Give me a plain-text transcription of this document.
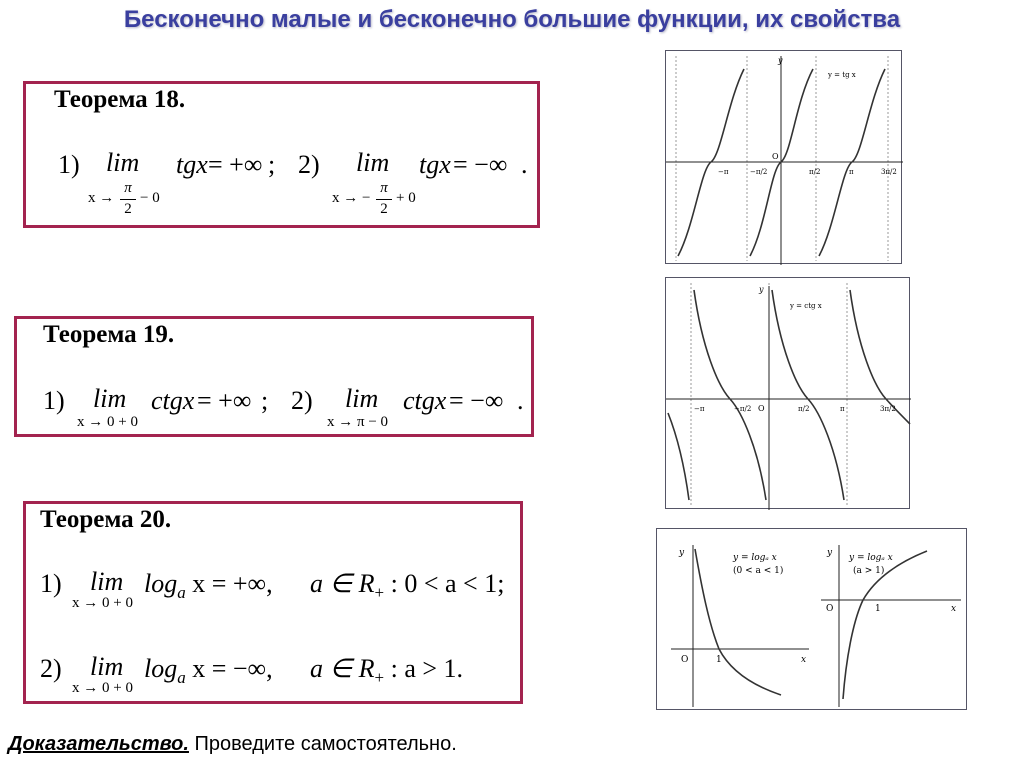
Бесконечно малые и бесконечно большие функции, их свойства
Теорема 18.
1) lim
x →
π
2
− 0
tgx = +∞ ; 2) lim
x → −
π
2
+ 0
tgx = −∞ .
Теорема 19.
1) lim
x → 0 + 0
ctgx = +∞ ; 2) lim
x → π − 0
ctgx = −∞ .
Теорема 20.
1) lim
x → 0 + 0
$\log_a x$ = +∞, a ∈ $R_+$ : 0 < a < 1;
2) lim
x → 0 + 0
$\log_a x$ = −∞, a ∈ $R_+$ : a > 1.
y
O
y = tg x
−π	−π/2	π/2	π	3π/2
y
O
y = ctg x
−π	−π/2	π/2	π	3π/2
y
x
O	1
y = logₐ x
(0 < a < 1)
y
x
O	1
y = logₐ x
(a > 1)
Доказательство. Проведите самостоятельно.
